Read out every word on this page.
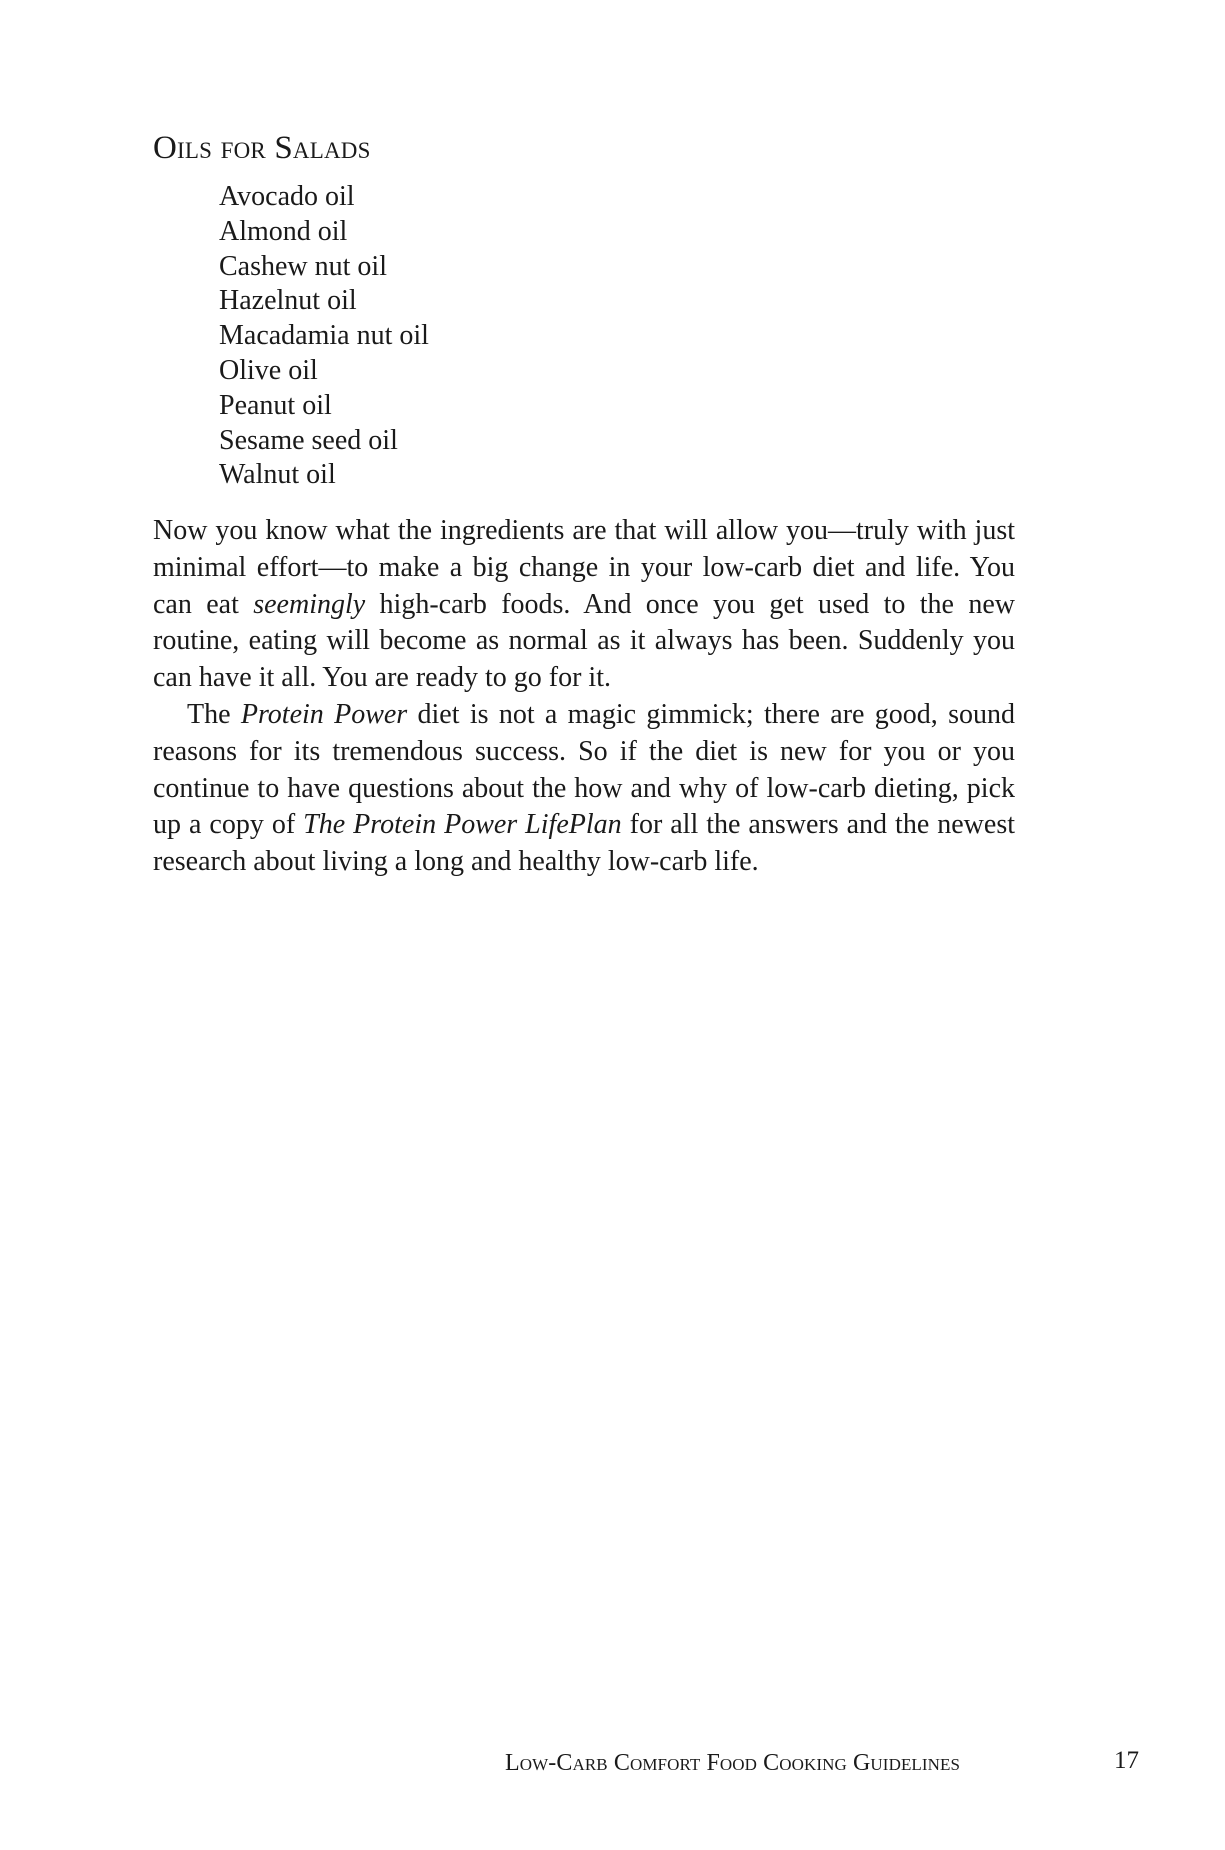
Oils for Salads
Avocado oil
Almond oil
Cashew nut oil
Hazelnut oil
Macadamia nut oil
Olive oil
Peanut oil
Sesame seed oil
Walnut oil

Now you know what the ingredients are that will allow you—truly with just minimal effort—to make a big change in your low-carb diet and life. You can eat seemingly high-carb foods. And once you get used to the new routine, eating will become as normal as it always has been. Suddenly you can have it all. You are ready to go for it.

The Protein Power diet is not a magic gimmick; there are good, sound reasons for its tremendous success. So if the diet is new for you or you continue to have questions about the how and why of low-carb dieting, pick up a copy of The Protein Power LifePlan for all the answers and the newest research about living a long and healthy low-carb life.

Low-Carb Comfort Food Cooking Guidelines	17
